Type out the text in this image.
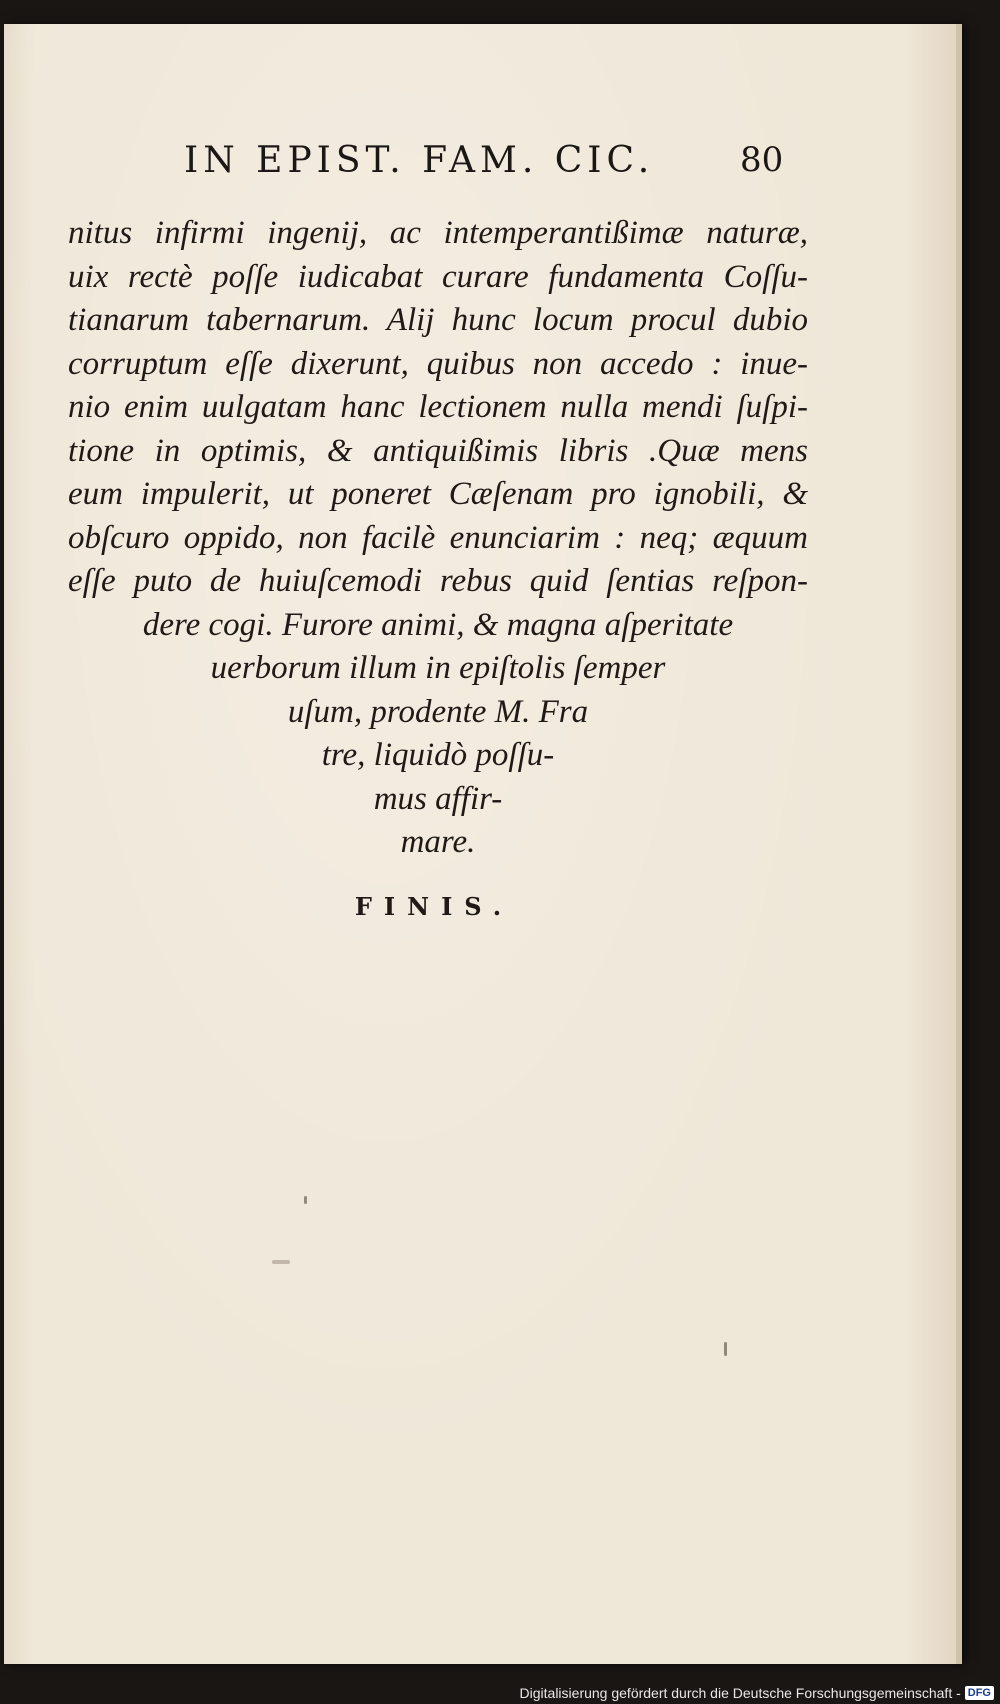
IN EPIST. FAM. CIC.	80
nitus infirmi ingenij, ac intemperantißimæ naturæ,
uix rectè poſſe iudicabat curare fundamenta Coſſu-
tianarum tabernarum. Alij hunc locum procul dubio
corruptum eſſe dixerunt, quibus non accedo : inue-
nio enim uulgatam hanc lectionem nulla mendi ſuſpi-
tione in optimis, & antiquißimis libris .Quæ mens
eum impulerit, ut poneret Cæſenam pro ignobili, &
obſcuro oppido, non facilè enunciarim : neq; æquum
eſſe puto de huiuſcemodi rebus quid ſentias reſpon-
dere cogi. Furore animi, & magna aſperitate
uerborum illum in epiſtolis ſemper
uſum, prodente M. Fra
tre, liquidò poſſu-
mus affir-
mare.
FINIS.
Digitalisierung gefördert durch die Deutsche Forschungsgemeinschaft - DFG
